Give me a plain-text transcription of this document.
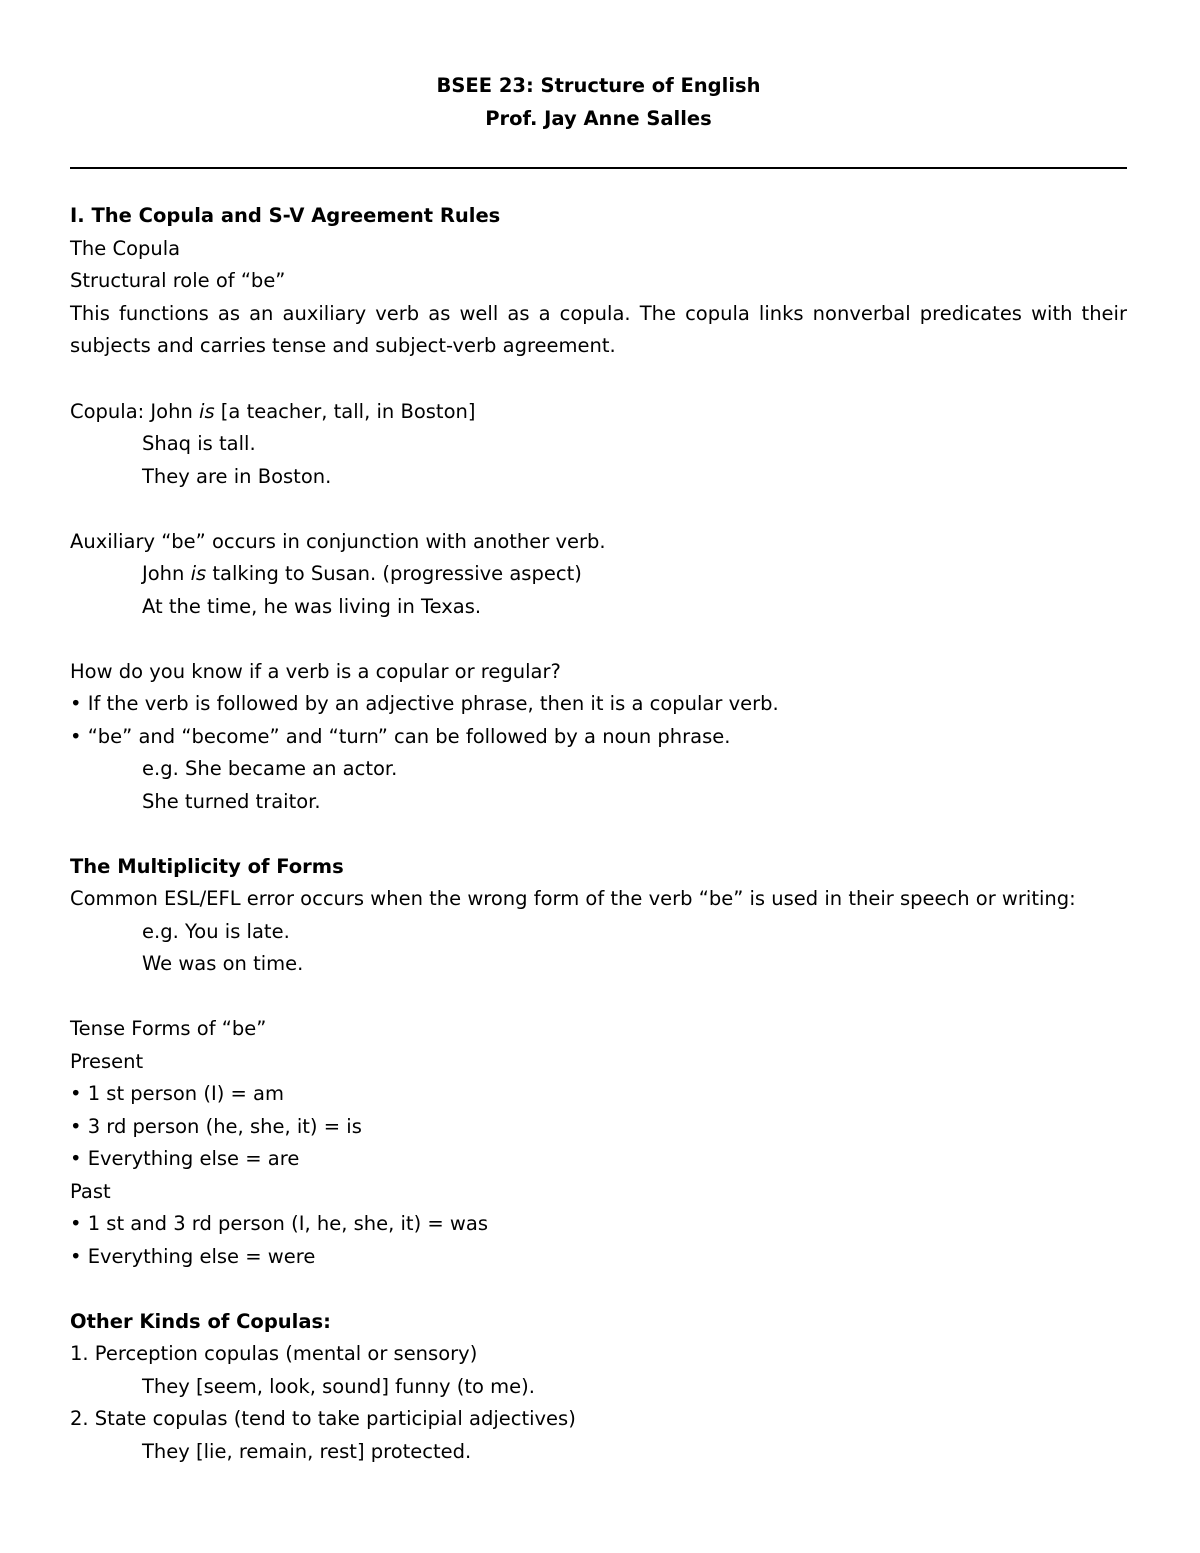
BSEE 23: Structure of English
Prof. Jay Anne Salles
I. The Copula and S-V Agreement Rules
The Copula
Structural role of “be”
This functions as an auxiliary verb as well as a copula. The copula links nonverbal predicates with their subjects and carries tense and subject-verb agreement.
Copula: John is [a teacher, tall, in Boston]
Shaq is tall.
They are in Boston.
Auxiliary “be” occurs in conjunction with another verb.
John is talking to Susan. (progressive aspect)
At the time, he was living in Texas.
How do you know if a verb is a copular or regular?
• If the verb is followed by an adjective phrase, then it is a copular verb.
• “be” and “become” and “turn” can be followed by a noun phrase.
e.g. She became an actor.
She turned traitor.
The Multiplicity of Forms
Common ESL/EFL error occurs when the wrong form of the verb “be” is used in their speech or writing:
e.g. You is late.
We was on time.
Tense Forms of “be”
Present
• 1 st person (I) = am
• 3 rd person (he, she, it) = is
• Everything else = are
Past
• 1 st and 3 rd person (I, he, she, it) = was
• Everything else = were
Other Kinds of Copulas:
1. Perception copulas (mental or sensory)
They [seem, look, sound] funny (to me).
2. State copulas (tend to take participial adjectives)
They [lie, remain, rest] protected.
